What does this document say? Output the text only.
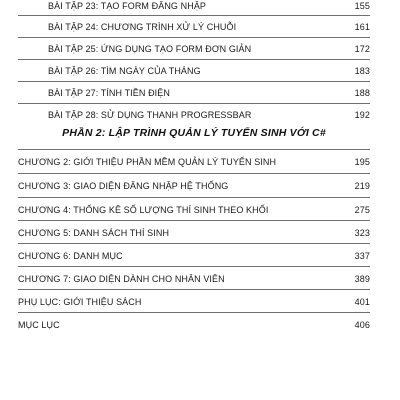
BÀI TẬP 23: TẠO FORM ĐĂNG NHẬP	155
BÀI TẬP 24: CHƯƠNG TRÌNH XỬ LÝ CHUỖI	161
BÀI TẬP 25: ỨNG DỤNG TẠO FORM ĐƠN GIẢN	172
BÀI TẬP 26: TÌM NGÀY CỦA THÁNG	183
BÀI TẬP 27: TÍNH TIỀN ĐIỆN	188
BÀI TẬP 28: SỬ DỤNG THANH PROGRESSBAR	192
PHẦN 2: LẬP TRÌNH QUẢN LÝ TUYỂN SINH VỚI C#
CHƯƠNG 2: GIỚI THIỆU PHẦN MỀM QUẢN LÝ TUYỂN SINH	195
CHƯƠNG 3: GIAO DIỆN ĐĂNG NHẬP HỆ THỐNG	219
CHƯƠNG 4: THỐNG KÊ SỐ LƯỢNG THÍ SINH THEO KHỐI	275
CHƯƠNG 5: DANH SÁCH THÍ SINH	323
CHƯƠNG 6: DANH MỤC	337
CHƯƠNG 7: GIAO DIỆN DÀNH CHO NHÂN VIÊN	389
PHỤ LỤC: GIỚI THIỆU SÁCH	401
MỤC LỤC	406
